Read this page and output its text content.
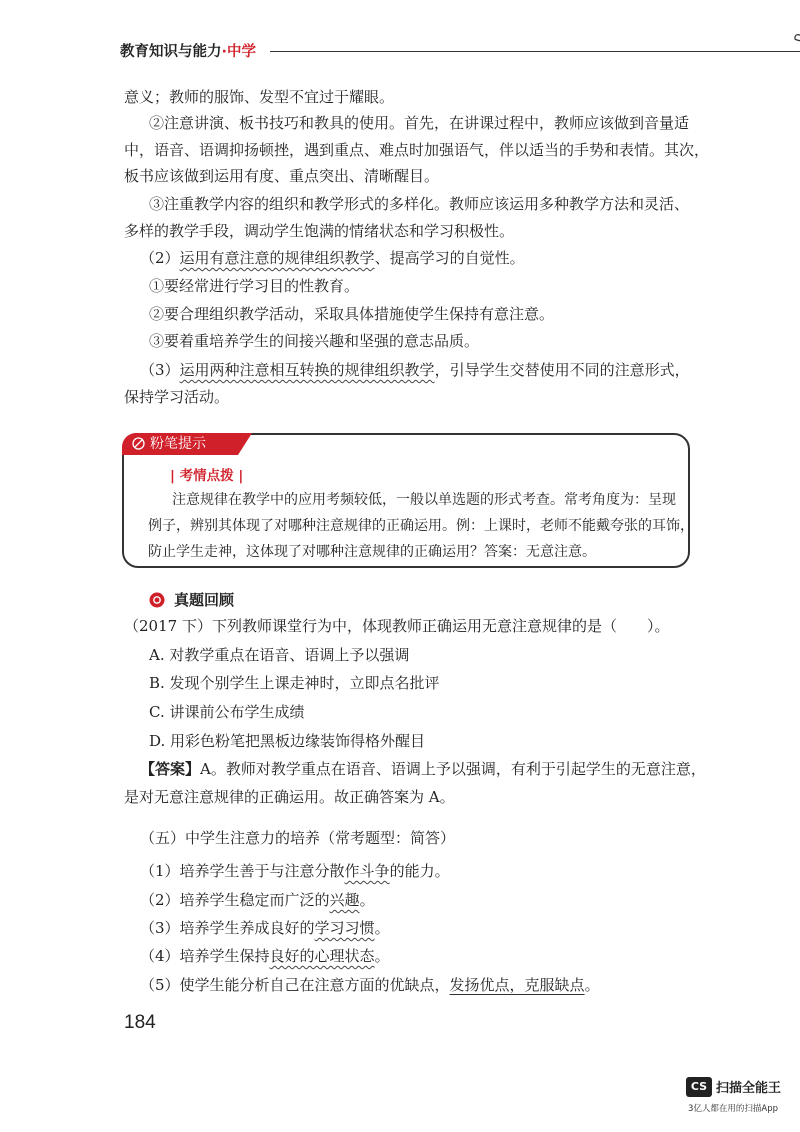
教育知识与能力·中学
意义；教师的服饰、发型不宜过于耀眼。
②注意讲演、板书技巧和教具的使用。首先，在讲课过程中，教师应该做到音量适
中，语音、语调抑扬顿挫，遇到重点、难点时加强语气，伴以适当的手势和表情。其次，
板书应该做到运用有度、重点突出、清晰醒目。
③注重教学内容的组织和教学形式的多样化。教师应该运用多种教学方法和灵活、
多样的教学手段，调动学生饱满的情绪状态和学习积极性。
（2）运用有意注意的规律组织教学、提高学习的自觉性。
①要经常进行学习目的性教育。
②要合理组织教学活动，采取具体措施使学生保持有意注意。
③要着重培养学生的间接兴趣和坚强的意志品质。
（3）运用两种注意相互转换的规律组织教学，引导学生交替使用不同的注意形式，
保持学习活动。
粉笔提示
| 考情点拨 |
注意规律在教学中的应用考频较低，一般以单选题的形式考查。常考角度为：呈现
例子，辨别其体现了对哪种注意规律的正确运用。例：上课时，老师不能戴夸张的耳饰，
防止学生走神，这体现了对哪种注意规律的正确运用？答案：无意注意。
真题回顾
（2017 下）下列教师课堂行为中，体现教师正确运用无意注意规律的是（　　）。
A. 对教学重点在语音、语调上予以强调
B. 发现个别学生上课走神时，立即点名批评
C. 讲课前公布学生成绩
D. 用彩色粉笔把黑板边缘装饰得格外醒目
【答案】A。教师对教学重点在语音、语调上予以强调，有利于引起学生的无意注意，
是对无意注意规律的正确运用。故正确答案为 A。
（五）中学生注意力的培养（常考题型：简答）
（1）培养学生善于与注意分散作斗争的能力。
（2）培养学生稳定而广泛的兴趣。
（3）培养学生养成良好的学习习惯。
（4）培养学生保持良好的心理状态。
（5）使学生能分析自己在注意方面的优缺点，发扬优点，克服缺点。
184
CS 扫描全能王
3亿人都在用的扫描App
